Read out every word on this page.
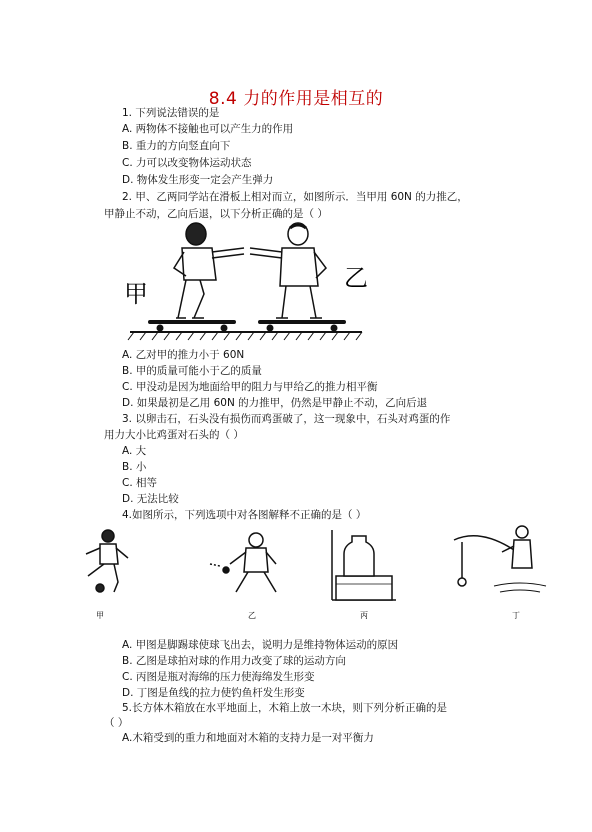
8.4 力的作用是相互的
1. 下列说法错误的是
A. 两物体不接触也可以产生力的作用
B. 重力的方向竖直向下
C. 力可以改变物体运动状态
D. 物体发生形变一定会产生弹力
2. 甲、乙两同学站在滑板上相对而立，如图所示．当甲用 60N 的力推乙，
甲静止不动，乙向后退，以下分析正确的是（ ）
甲
乙
A. 乙对甲的推力小于 60N
B. 甲的质量可能小于乙的质量
C. 甲没动是因为地面给甲的阻力与甲给乙的推力相平衡
D. 如果最初是乙用 60N 的力推甲，仍然是甲静止不动，乙向后退
3. 以卵击石，石头没有损伤而鸡蛋破了，这一现象中，石头对鸡蛋的作
用力大小比鸡蛋对石头的（ ）
A. 大
B. 小
C. 相等
D. 无法比较
4.如图所示，下列选项中对各图解释不正确的是（ ）
甲	乙	丙	丁
A. 甲图是脚踢球使球飞出去，说明力是维持物体运动的原因
B. 乙图是球拍对球的作用力改变了球的运动方向
C. 丙图是瓶对海绵的压力使海绵发生形变
D. 丁图是鱼线的拉力使钓鱼杆发生形变
5.长方体木箱放在水平地面上，木箱上放一木块，则下列分析正确的是
（ ）
A.木箱受到的重力和地面对木箱的支持力是一对平衡力
